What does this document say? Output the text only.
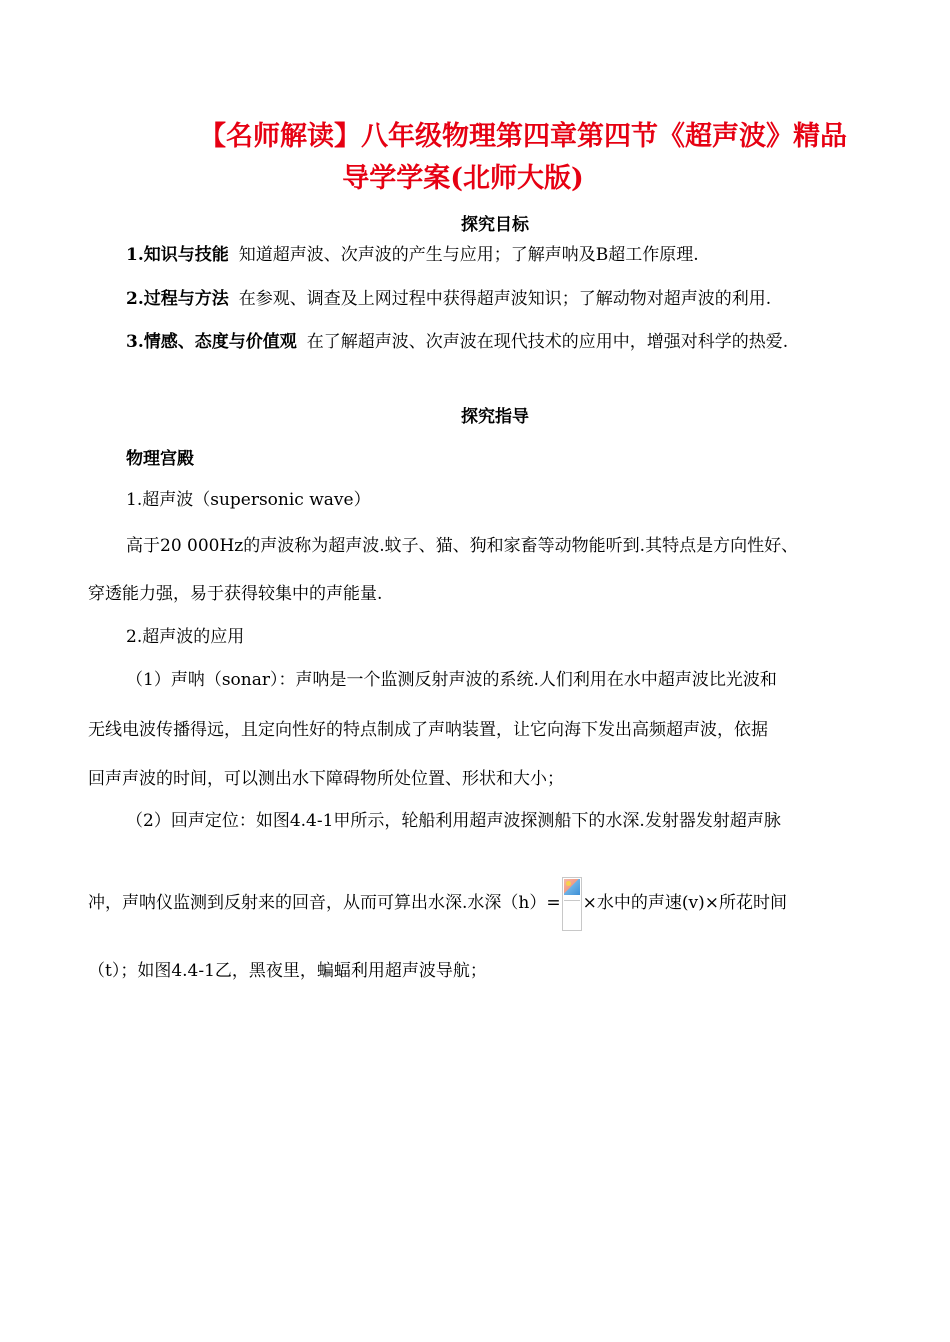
【名师解读】八年级物理第四章第四节《超声波》精品
导学学案(北师大版)
探究目标
1.知识与技能 知道超声波、次声波的产生与应用；了解声呐及B超工作原理.
2.过程与方法 在参观、调查及上网过程中获得超声波知识；了解动物对超声波的利用.
3.情感、态度与价值观 在了解超声波、次声波在现代技术的应用中，增强对科学的热爱.
探究指导
物理宫殿
1.超声波（supersonic wave）
高于20 000Hz的声波称为超声波.蚊子、猫、狗和家畜等动物能听到.其特点是方向性好、
穿透能力强，易于获得较集中的声能量.
2.超声波的应用
（1）声呐（sonar）：声呐是一个监测反射声波的系统.人们利用在水中超声波比光波和
无线电波传播得远，且定向性好的特点制成了声呐装置，让它向海下发出高频超声波，依据
回声声波的时间，可以测出水下障碍物所处位置、形状和大小；
（2）回声定位：如图4.4-1甲所示，轮船利用超声波探测船下的水深.发射器发射超声脉
冲，声呐仪监测到反射来的回音，从而可算出水深.水深（h）= ×水中的声速(v)×所花时间
（t）；如图4.4-1乙，黑夜里，蝙蝠利用超声波导航；
